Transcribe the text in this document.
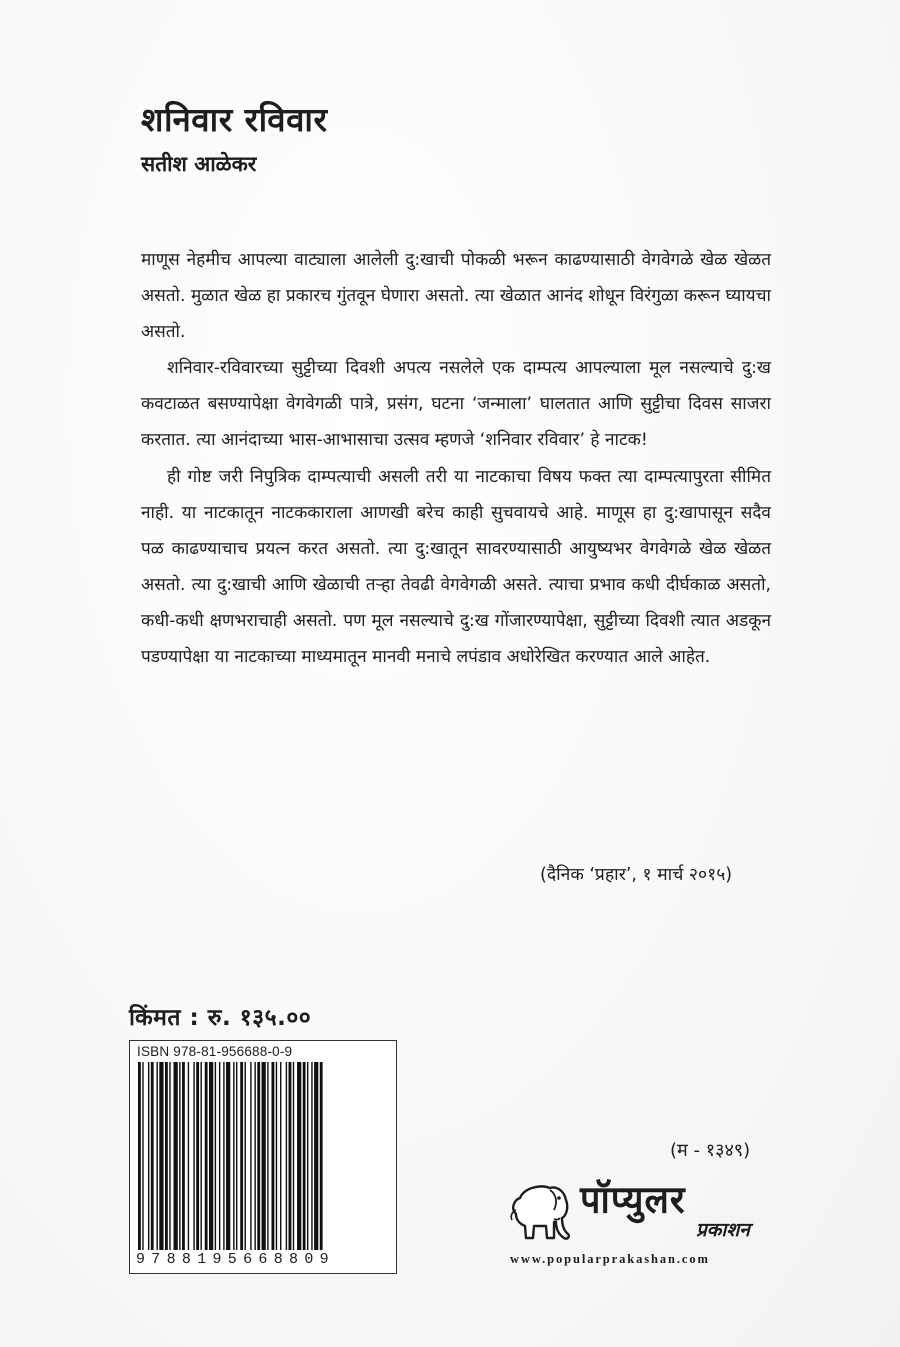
शनिवार रविवार
सतीश आळेकर

माणूस नेहमीच आपल्या वाट्याला आलेली दु:खाची पोकळी भरून काढण्यासाठी वेगवेगळे खेळ खेळत असतो. मुळात खेळ हा प्रकारच गुंतवून घेणारा असतो. त्या खेळात आनंद शोधून विरंगुळा करून घ्यायचा असतो.

शनिवार-रविवारच्या सुट्टीच्या दिवशी अपत्य नसलेले एक दाम्पत्य आपल्याला मूल नसल्याचे दु:ख कवटाळत बसण्यापेक्षा वेगवेगळी पात्रे, प्रसंग, घटना ‘जन्माला’ घालतात आणि सुट्टीचा दिवस साजरा करतात. त्या आनंदाच्या भास-आभासाचा उत्सव म्हणजे ‘शनिवार रविवार’ हे नाटक!

ही गोष्ट जरी निपुत्रिक दाम्पत्याची असली तरी या नाटकाचा विषय फक्त त्या दाम्पत्यापुरता सीमित नाही. या नाटकातून नाटककाराला आणखी बरेच काही सुचवायचे आहे. माणूस हा दु:खापासून सदैव पळ काढण्याचाच प्रयत्न करत असतो. त्या दु:खातून सावरण्यासाठी आयुष्यभर वेगवेगळे खेळ खेळत असतो. त्या दु:खाची आणि खेळाची तऱ्हा तेवढी वेगवेगळी असते. त्याचा प्रभाव कधी दीर्घकाळ असतो, कधी-कधी क्षणभराचाही असतो. पण मूल नसल्याचे दु:ख गोंजारण्यापेक्षा, सुट्टीच्या दिवशी त्यात अडकून पडण्यापेक्षा या नाटकाच्या माध्यमातून मानवी मनाचे लपंडाव अधोरेखित करण्यात आले आहेत.

(दैनिक ‘प्रहार’, १ मार्च २०१५)
किंमत : रु. १३५.००
ISBN 978-81-956688-0-9
9788195668809
(म - १३४९)
पॉप्युलर
प्रकाशन
www.popularprakashan.com
